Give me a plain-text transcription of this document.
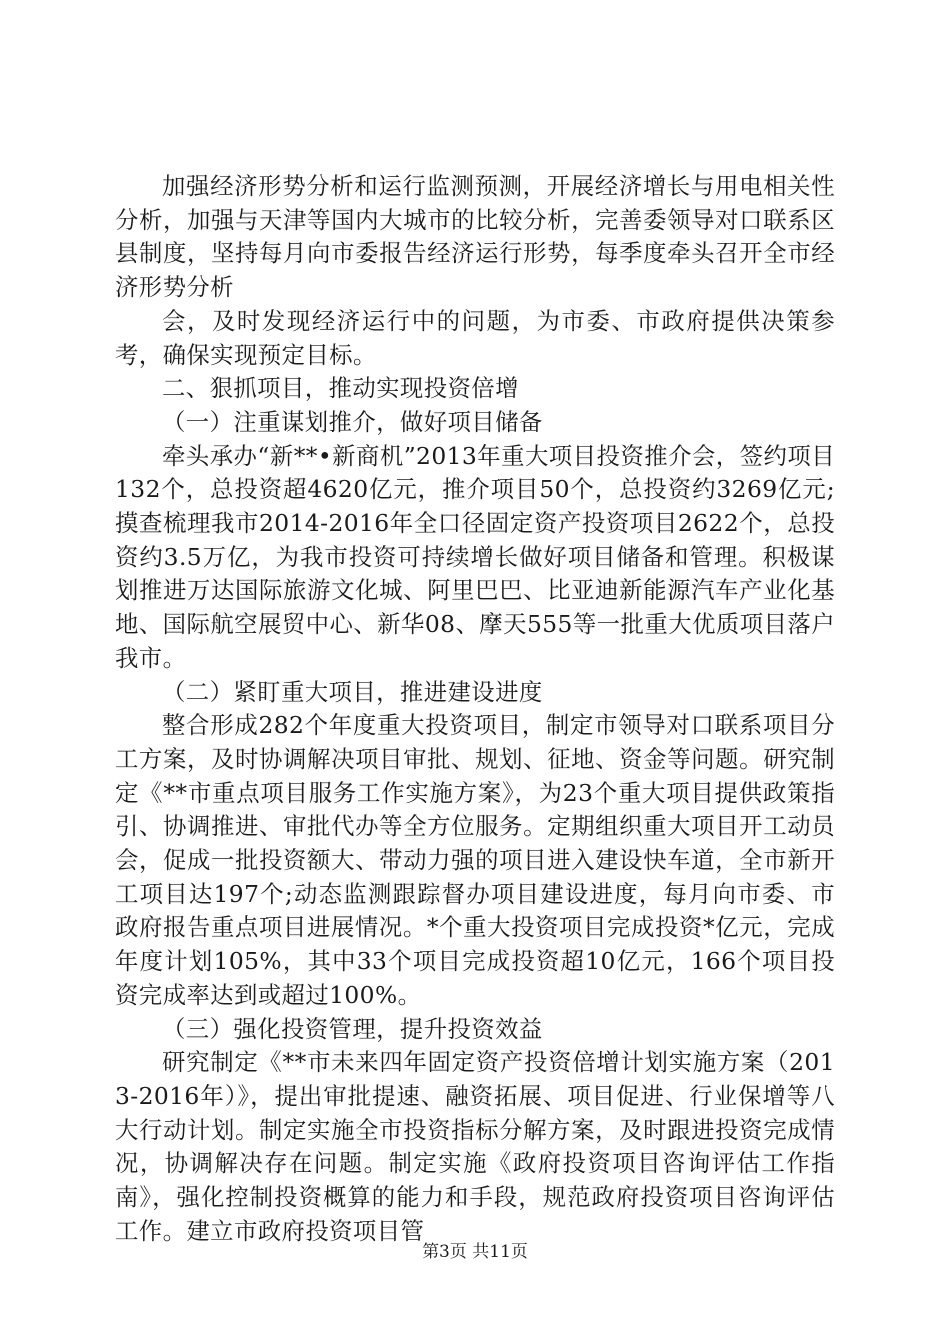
加强经济形势分析和运行监测预测，开展经济增长与用电相关性分析，加强与天津等国内大城市的比较分析，完善委领导对口联系区县制度，坚持每月向市委报告经济运行形势，每季度牵头召开全市经济形势分析

会，及时发现经济运行中的问题，为市委、市政府提供决策参考，确保实现预定目标。

二、狠抓项目，推动实现投资倍增

（一）注重谋划推介，做好项目储备

牵头承办“新**•新商机”2013年重大项目投资推介会，签约项目132个，总投资超4620亿元，推介项目50个，总投资约3269亿元;摸查梳理我市2014-2016年全口径固定资产投资项目2622个，总投资约3.5万亿，为我市投资可持续增长做好项目储备和管理。积极谋划推进万达国际旅游文化城、阿里巴巴、比亚迪新能源汽车产业化基地、国际航空展贸中心、新华08、摩天555等一批重大优质项目落户我市。

（二）紧盯重大项目，推进建设进度

整合形成282个年度重大投资项目，制定市领导对口联系项目分工方案，及时协调解决项目审批、规划、征地、资金等问题。研究制定《**市重点项目服务工作实施方案》，为23个重大项目提供政策指引、协调推进、审批代办等全方位服务。定期组织重大项目开工动员会，促成一批投资额大、带动力强的项目进入建设快车道，全市新开工项目达197个;动态监测跟踪督办项目建设进度，每月向市委、市政府报告重点项目进展情况。*个重大投资项目完成投资*亿元，完成年度计划105%，其中33个项目完成投资超10亿元，166个项目投资完成率达到或超过100%。

（三）强化投资管理，提升投资效益

研究制定《**市未来四年固定资产投资倍增计划实施方案（2013-2016年）》，提出审批提速、融资拓展、项目促进、行业保增等八大行动计划。制定实施全市投资指标分解方案，及时跟进投资完成情况，协调解决存在问题。制定实施《政府投资项目咨询评估工作指南》，强化控制投资概算的能力和手段，规范政府投资项目咨询评估工作。建立市政府投资项目管

第3页 共11页
